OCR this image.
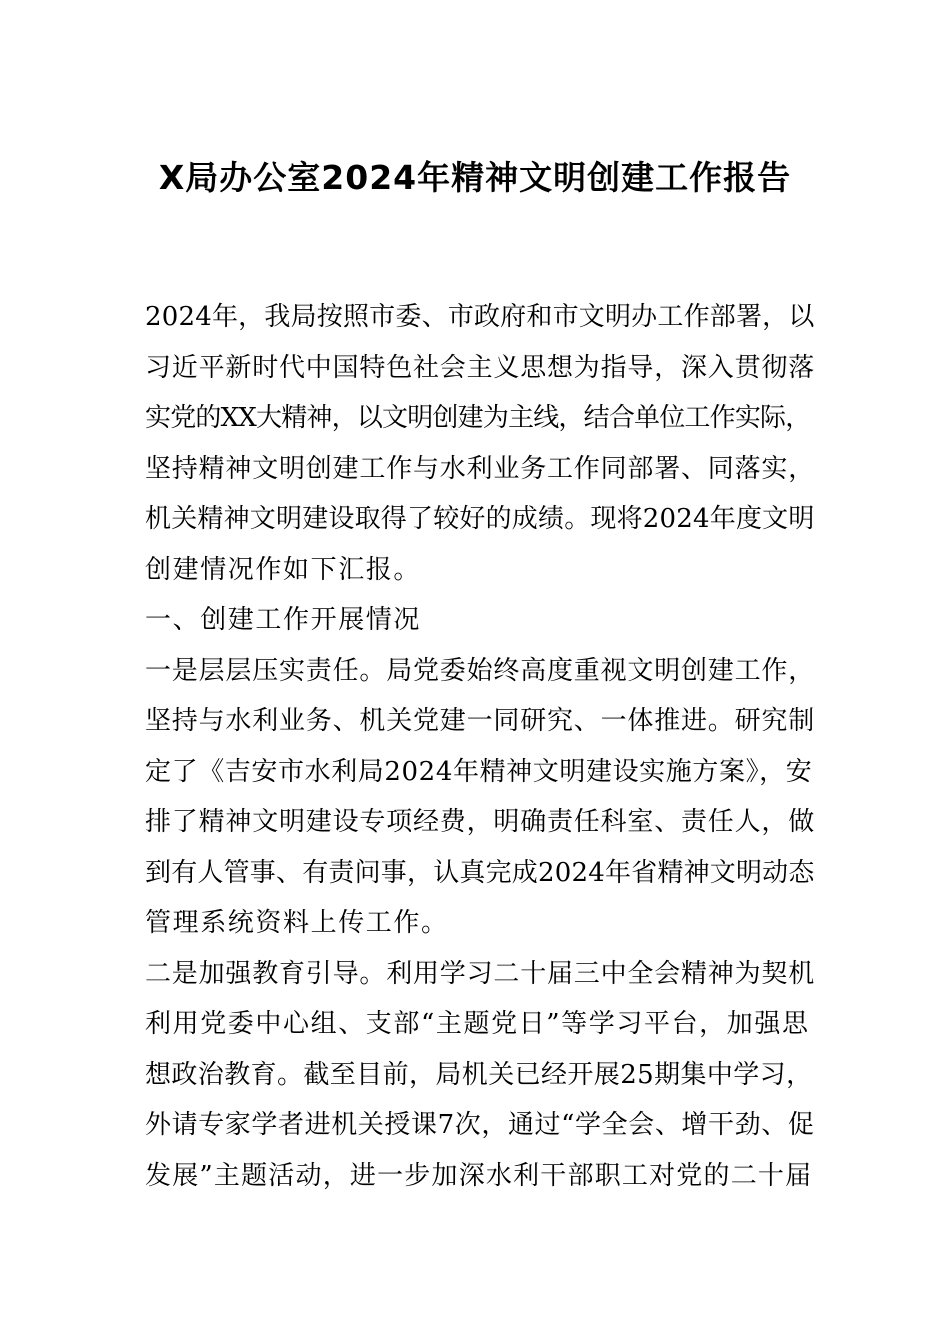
X局办公室2024年精神文明创建工作报告
2024年，我局按照市委、市政府和市文明办工作部署，以
习近平新时代中国特色社会主义思想为指导，深入贯彻落
实党的XX大精神，以文明创建为主线，结合单位工作实际，
坚持精神文明创建工作与水利业务工作同部署、同落实，
机关精神文明建设取得了较好的成绩。现将2024年度文明
创建情况作如下汇报。
一、创建工作开展情况
一是层层压实责任。局党委始终高度重视文明创建工作，
坚持与水利业务、机关党建一同研究、一体推进。研究制
定了《吉安市水利局2024年精神文明建设实施方案》，安
排了精神文明建设专项经费，明确责任科室、责任人，做
到有人管事、有责问事，认真完成2024年省精神文明动态
管理系统资料上传工作。
二是加强教育引导。利用学习二十届三中全会精神为契机
利用党委中心组、支部“主题党日”等学习平台，加强思
想政治教育。截至目前，局机关已经开展25期集中学习，
外请专家学者进机关授课7次，通过“学全会、增干劲、促
发展”主题活动，进一步加深水利干部职工对党的二十届
